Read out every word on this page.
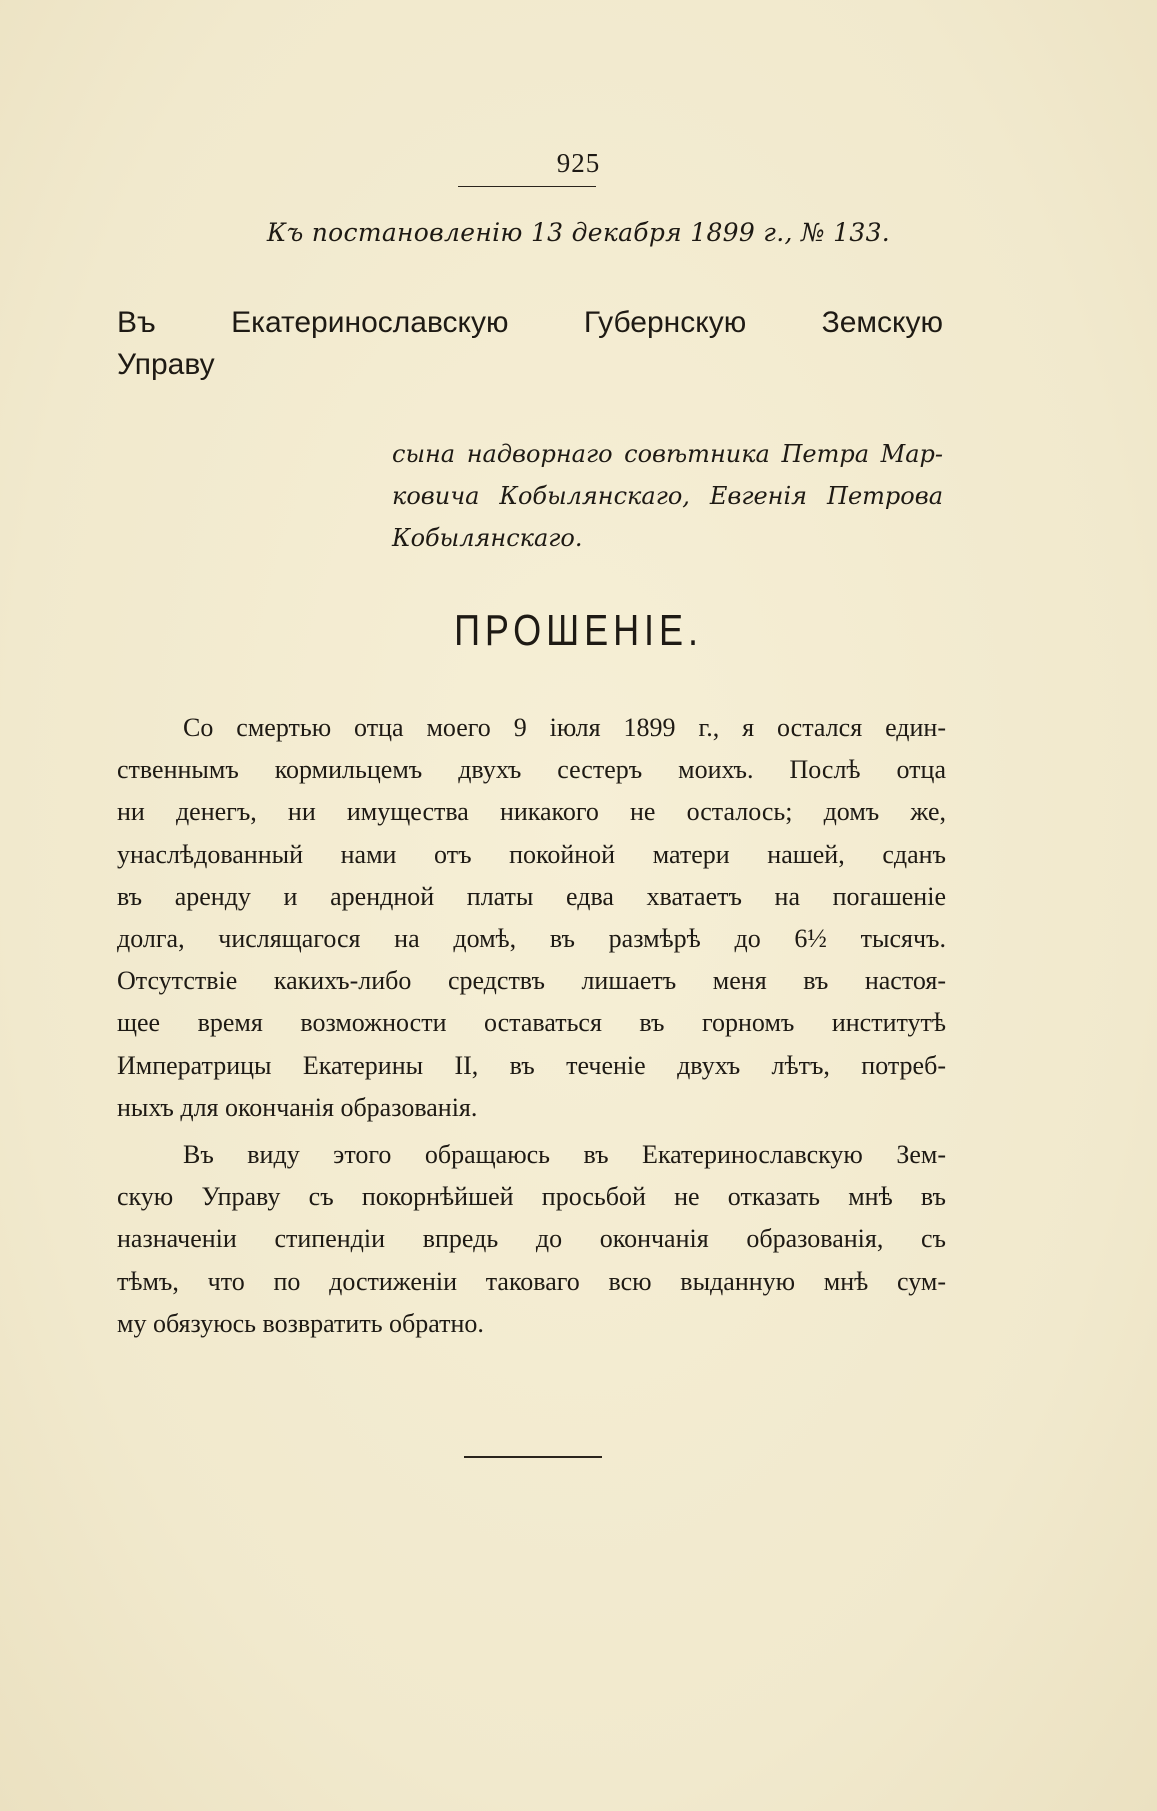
925
Къ постановленію 13 декабря 1899 г., № 133.
Въ Екатеринославскую Губернскую Земскую
Управу
сына надворнаго совѣтника Петра Мар-
ковича Кобылянскаго, Евгенія Петрова
Кобылянскаго.
ПРОШЕНІЕ.
Со смертью отца моего 9 іюля 1899 г., я остался един-
ственнымъ кормильцемъ двухъ сестеръ моихъ. Послѣ отца
ни денегъ, ни имущества никакого не осталось; домъ же,
унаслѣдованный нами отъ покойной матери нашей, сданъ
въ аренду и арендной платы едва хватаетъ на погашеніе
долга, числящагося на домѣ, въ размѣрѣ до 6½ тысячъ.
Отсутствіе какихъ-либо средствъ лишаетъ меня въ настоя-
щее время возможности оставаться въ горномъ институтѣ
Императрицы Екатерины II, въ теченіе двухъ лѣтъ, потреб-
ныхъ для окончанія образованія.
Въ виду этого обращаюсь въ Екатеринославскую Зем-
скую Управу съ покорнѣйшей просьбой не отказать мнѣ въ
назначеніи стипендіи впредь до окончанія образованія, съ
тѣмъ, что по достиженіи таковаго всю выданную мнѣ сум-
му обязуюсь возвратить обратно.
